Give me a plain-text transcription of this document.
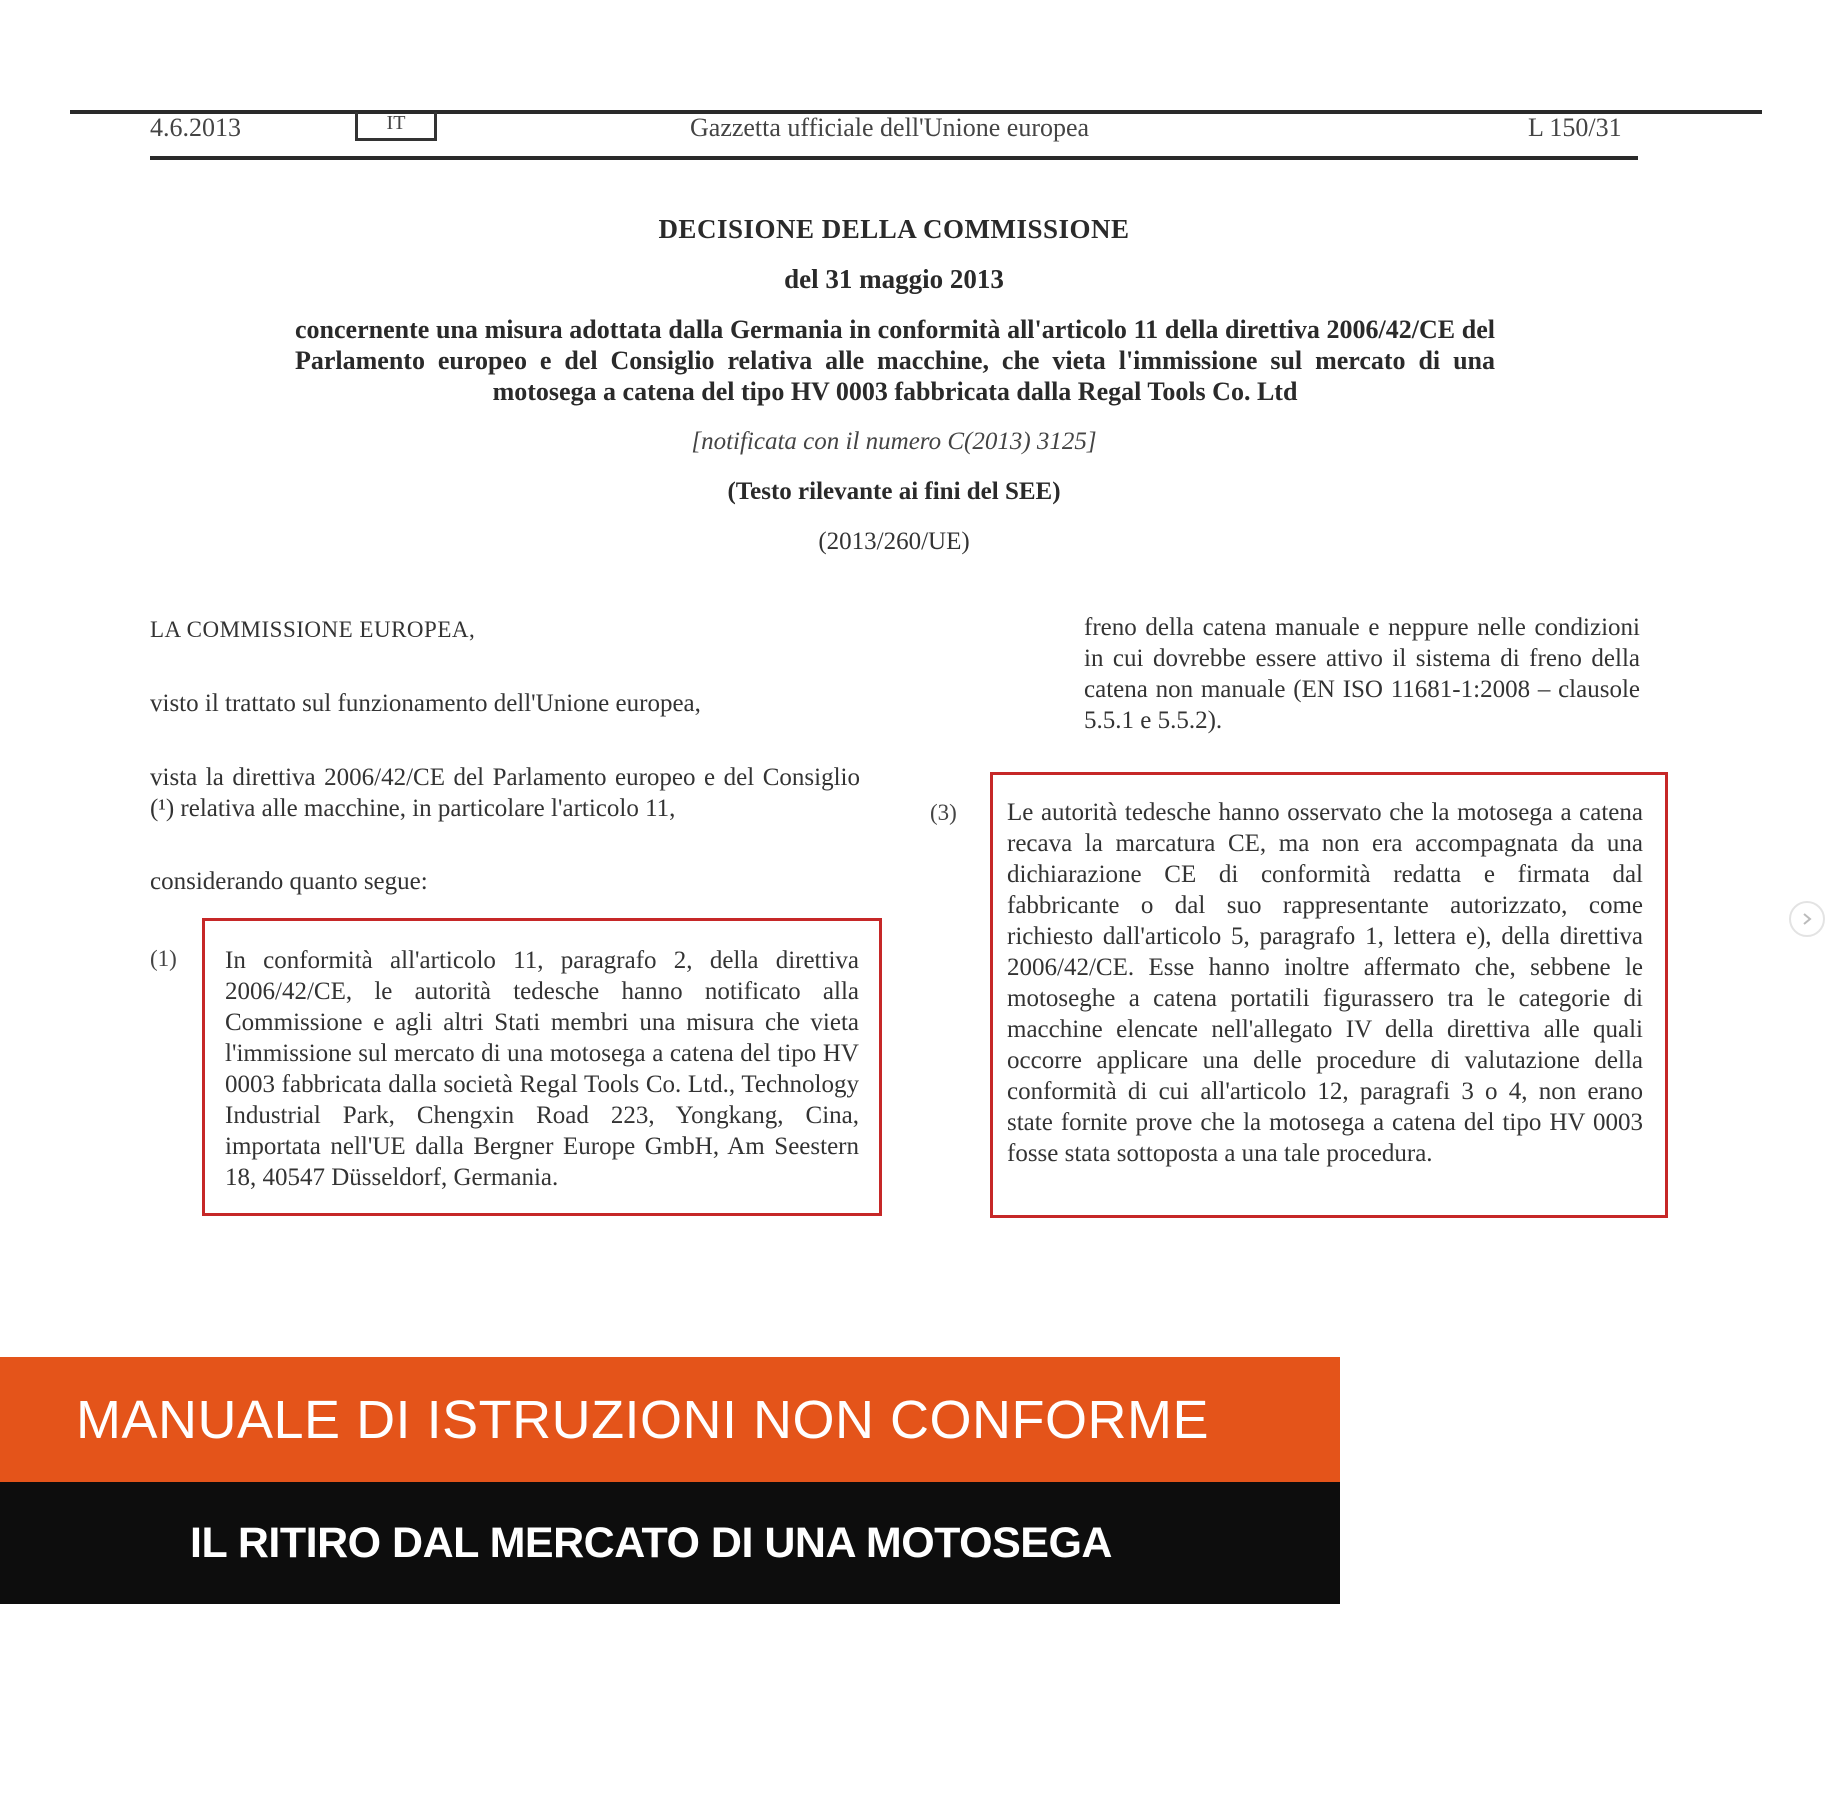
4.6.2013	IT	Gazzetta ufficiale dell'Unione europea	L 150/31
DECISIONE DELLA COMMISSIONE
del 31 maggio 2013
concernente una misura adottata dalla Germania in conformità all'articolo 11 della direttiva 2006/42/CE del Parlamento europeo e del Consiglio relativa alle macchine, che vieta l'immissione sul mercato di una motosega a catena del tipo HV 0003 fabbricata dalla Regal Tools Co. Ltd
[notificata con il numero C(2013) 3125]
(Testo rilevante ai fini del SEE)
(2013/260/UE)
LA COMMISSIONE EUROPEA,
visto il trattato sul funzionamento dell'Unione europea,
vista la direttiva 2006/42/CE del Parlamento europeo e del Consiglio (¹) relativa alle macchine, in particolare l'articolo 11,
considerando quanto segue:
(1) In conformità all'articolo 11, paragrafo 2, della direttiva 2006/42/CE, le autorità tedesche hanno notificato alla Commissione e agli altri Stati membri una misura che vieta l'immissione sul mercato di una motosega a catena del tipo HV 0003 fabbricata dalla società Regal Tools Co. Ltd., Technology Industrial Park, Chengxin Road 223, Yongkang, Cina, importata nell'UE dalla Bergner Europe GmbH, Am Seestern 18, 40547 Düsseldorf, Germania.
freno della catena manuale e neppure nelle condizioni in cui dovrebbe essere attivo il sistema di freno della catena non manuale (EN ISO 11681-1:2008 – clausole 5.5.1 e 5.5.2).
(3) Le autorità tedesche hanno osservato che la motosega a catena recava la marcatura CE, ma non era accompagnata da una dichiarazione CE di conformità redatta e firmata dal fabbricante o dal suo rappresentante autorizzato, come richiesto dall'articolo 5, paragrafo 1, lettera e), della direttiva 2006/42/CE. Esse hanno inoltre affermato che, sebbene le motoseghe a catena portatili figurassero tra le categorie di macchine elencate nell'allegato IV della direttiva alle quali occorre applicare una delle procedure di valutazione della conformità di cui all'articolo 12, paragrafi 3 o 4, non erano state fornite prove che la motosega a catena del tipo HV 0003 fosse stata sottoposta a una tale procedura.
MANUALE DI ISTRUZIONI NON CONFORME
IL RITIRO DAL MERCATO DI UNA MOTOSEGA
